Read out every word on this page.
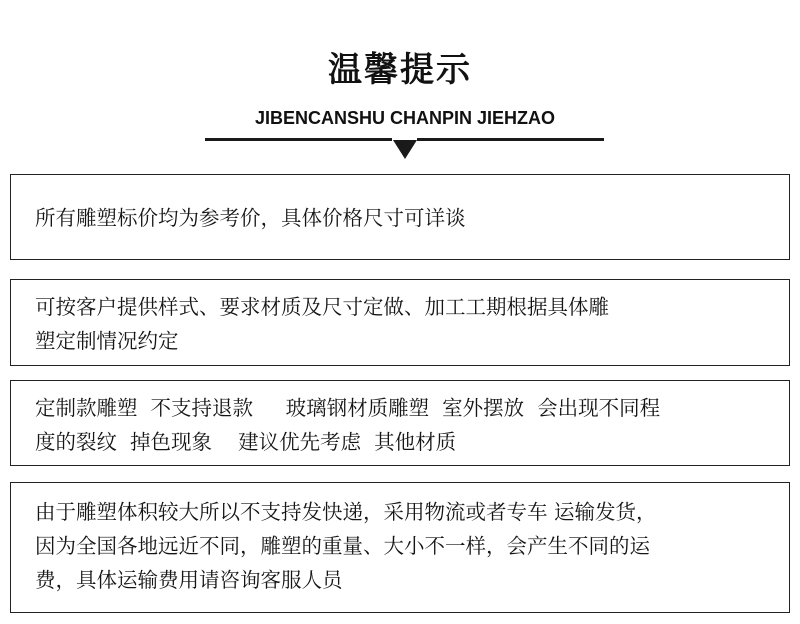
温馨提示
JIBENCANSHU CHANPIN JIEHZAO

所有雕塑标价均为参考价，具体价格尺寸可详谈

可按客户提供样式、要求材质及尺寸定做、加工工期根据具体雕

塑定制情况约定

定制款雕塑  不支持退款     玻璃钢材质雕塑  室外摆放  会出现不同程

度的裂纹  掉色现象    建议优先考虑  其他材质

由于雕塑体积较大所以不支持发快递，采用物流或者专车 运输发货，

因为全国各地远近不同，雕塑的重量、大小不一样，会产生不同的运

费，具体运输费用请咨询客服人员
